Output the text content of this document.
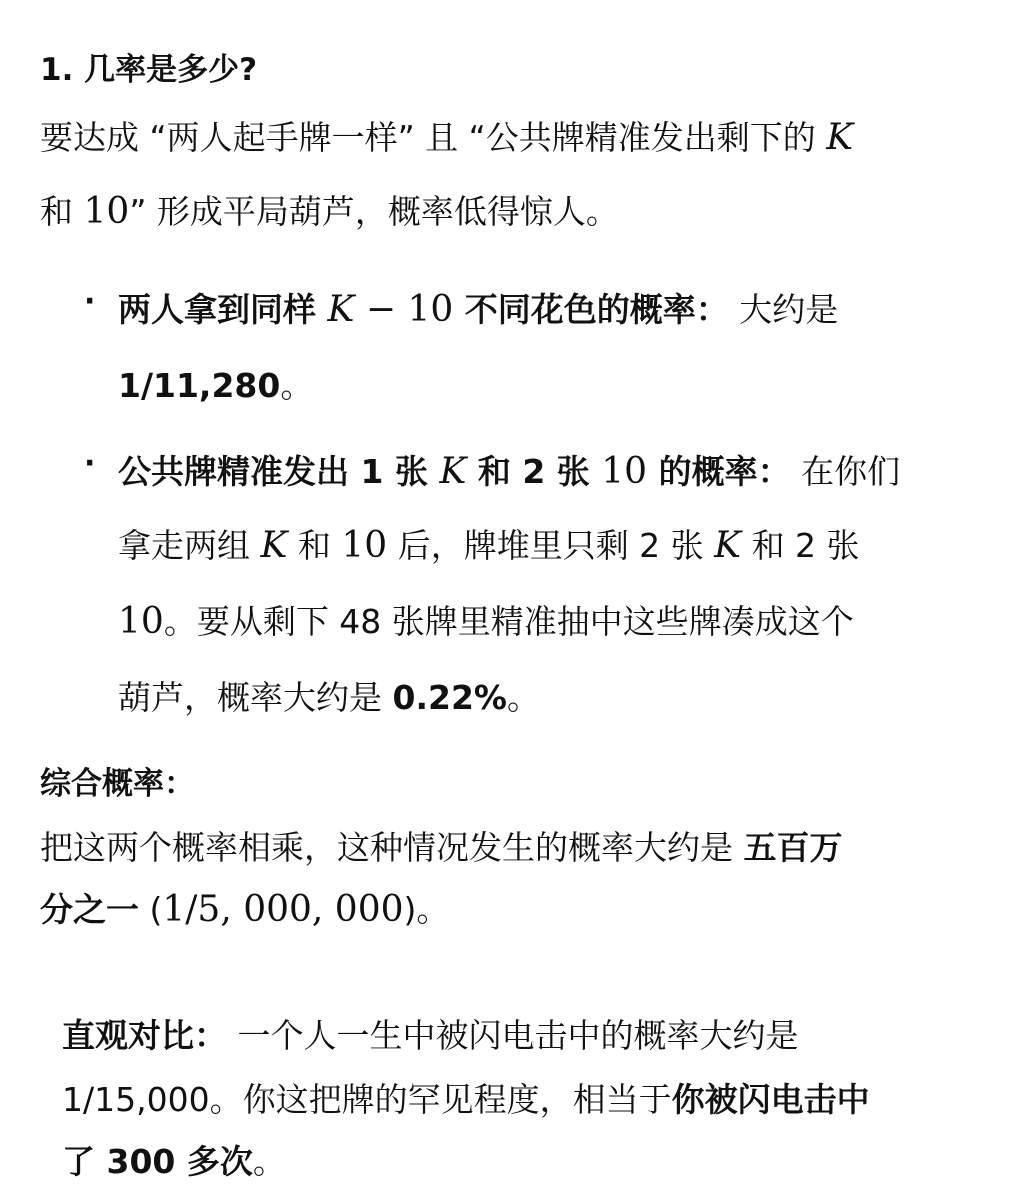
1. 几率是多少?
要达成 “两人起手牌一样” 且 “公共牌精准发出剩下的 K
和 10” 形成平局葫芦，概率低得惊人。
· 两人拿到同样 K − 10 不同花色的概率： 大约是
1/11,280。
· 公共牌精准发出 1 张 K 和 2 张 10 的概率： 在你们
拿走两组 K 和 10 后，牌堆里只剩 2 张 K 和 2 张
10。要从剩下 48 张牌里精准抽中这些牌凑成这个
葫芦，概率大约是 0.22%。
综合概率：
把这两个概率相乘，这种情况发生的概率大约是 五百万
分之一 (1/5, 000, 000)。
直观对比： 一个人一生中被闪电击中的概率大约是
1/15,000。你这把牌的罕见程度，相当于你被闪电击中
了 300 多次。
